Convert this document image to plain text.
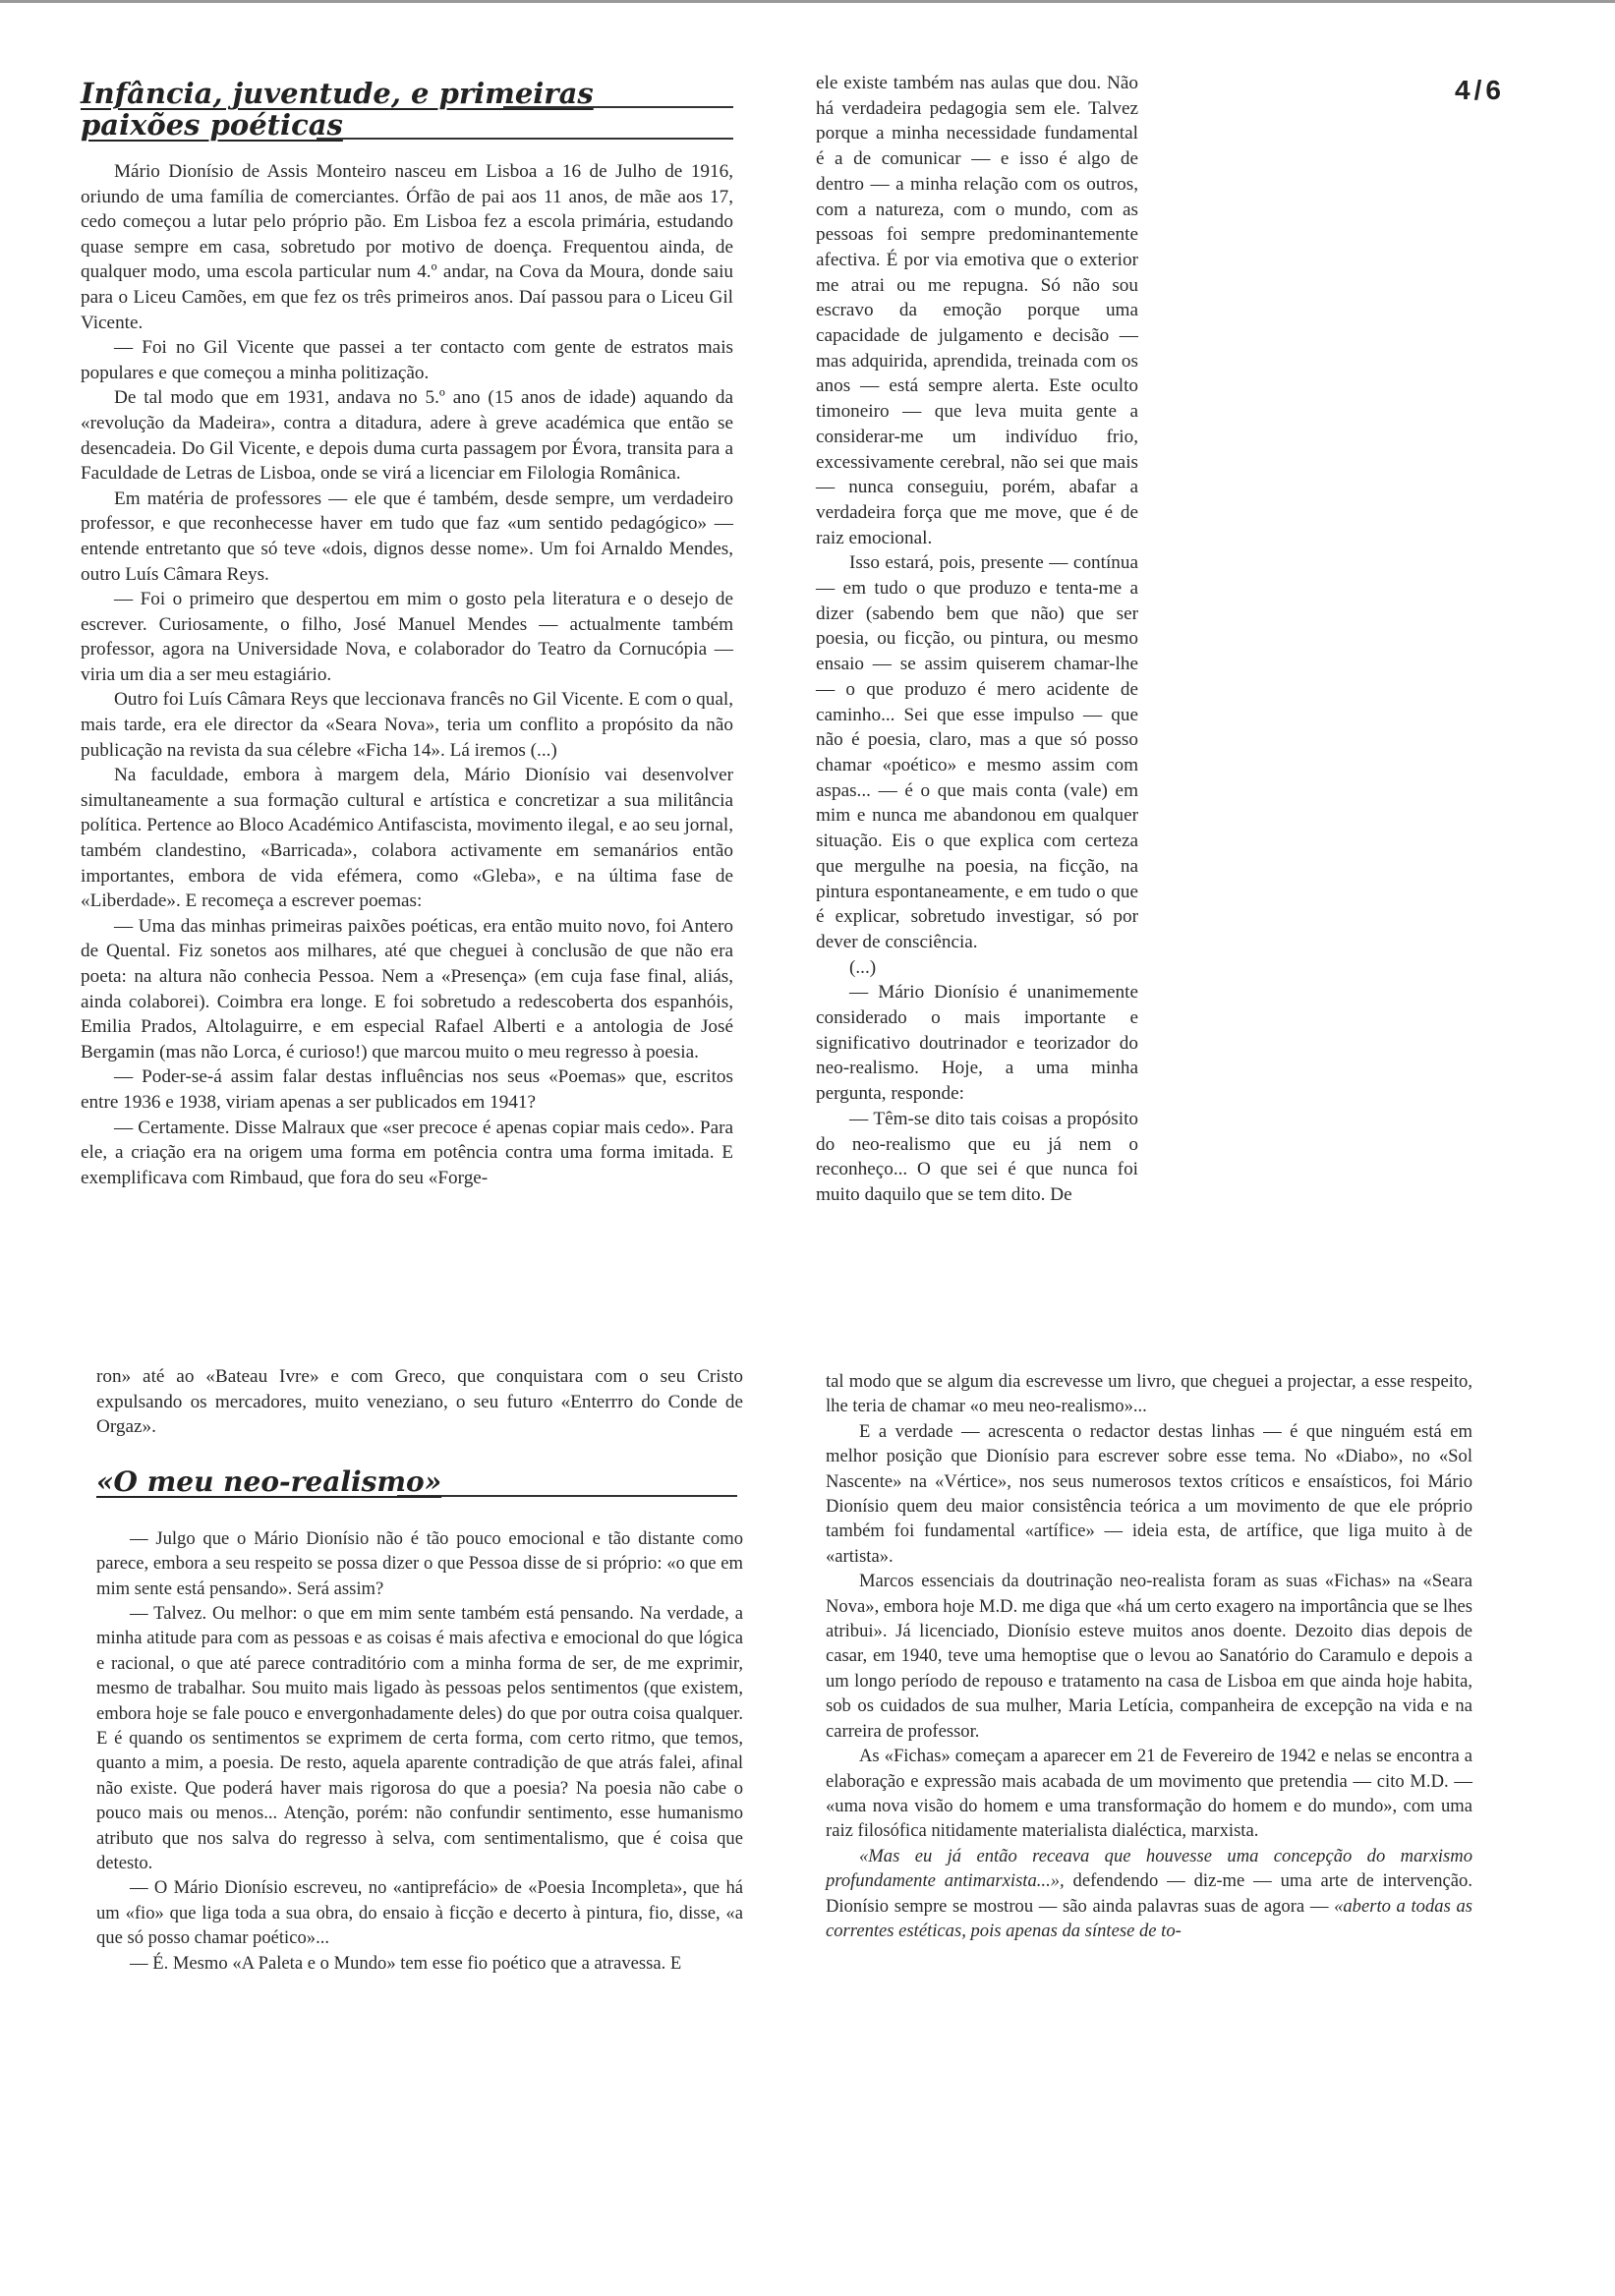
4/6
Infância, juventude, e primeiras
paixões poéticas

Mário Dionísio de Assis Monteiro nasceu em Lisboa a 16 de Julho de 1916, oriundo de uma família de comerciantes. Órfão de pai aos 11 anos, de mãe aos 17, cedo começou a lutar pelo próprio pão. Em Lisboa fez a escola primária, estudando quase sempre em casa, sobretudo por motivo de doença. Frequentou ainda, de qualquer modo, uma escola particular num 4.º andar, na Cova da Moura, donde saiu para o Liceu Camões, em que fez os três primeiros anos. Daí passou para o Liceu Gil Vicente.

— Foi no Gil Vicente que passei a ter contacto com gente de estratos mais populares e que começou a minha politização.

De tal modo que em 1931, andava no 5.º ano (15 anos de idade) aquando da «revolução da Madeira», contra a ditadura, adere à greve académica que então se desencadeia. Do Gil Vicente, e depois duma curta passagem por Évora, transita para a Faculdade de Letras de Lisboa, onde se virá a licenciar em Filologia Românica.

Em matéria de professores — ele que é também, desde sempre, um verdadeiro professor, e que reconhecesse haver em tudo que faz «um sentido pedagógico» — entende entretanto que só teve «dois, dignos desse nome». Um foi Arnaldo Mendes, outro Luís Câmara Reys.

— Foi o primeiro que despertou em mim o gosto pela literatura e o desejo de escrever. Curiosamente, o filho, José Manuel Mendes — actualmente também professor, agora na Universidade Nova, e colaborador do Teatro da Cornucópia — viria um dia a ser meu estagiário.

Outro foi Luís Câmara Reys que leccionava francês no Gil Vicente. E com o qual, mais tarde, era ele director da «Seara Nova», teria um conflito a propósito da não publicação na revista da sua célebre «Ficha 14». Lá iremos (...)

Na faculdade, embora à margem dela, Mário Dionísio vai desenvolver simultaneamente a sua formação cultural e artística e concretizar a sua militância política. Pertence ao Bloco Académico Antifascista, movimento ilegal, e ao seu jornal, também clandestino, «Barricada», colabora activamente em semanários então importantes, embora de vida efémera, como «Gleba», e na última fase de «Liberdade». E recomeça a escrever poemas:

— Uma das minhas primeiras paixões poéticas, era então muito novo, foi Antero de Quental. Fiz sonetos aos milhares, até que cheguei à conclusão de que não era poeta: na altura não conhecia Pessoa. Nem a «Presença» (em cuja fase final, aliás, ainda colaborei). Coimbra era longe. E foi sobretudo a redescoberta dos espanhóis, Emilia Prados, Altolaguirre, e em especial Rafael Alberti e a antologia de José Bergamin (mas não Lorca, é curioso!) que marcou muito o meu regresso à poesia.

— Poder-se-á assim falar destas influências nos seus «Poemas» que, escritos entre 1936 e 1938, viriam apenas a ser publicados em 1941?

— Certamente. Disse Malraux que «ser precoce é apenas copiar mais cedo». Para ele, a criação era na origem uma forma em potência contra uma forma imitada. E exemplificava com Rimbaud, que fora do seu «Forge-

ele existe também nas aulas que dou. Não há verdadeira pedagogia sem ele. Talvez porque a minha necessidade fundamental é a de comunicar — e isso é algo de dentro — a minha relação com os outros, com a natureza, com o mundo, com as pessoas foi sempre predominantemente afectiva. É por via emotiva que o exterior me atrai ou me repugna. Só não sou escravo da emoção porque uma capacidade de julgamento e decisão — mas adquirida, aprendida, treinada com os anos — está sempre alerta. Este oculto timoneiro — que leva muita gente a considerar-me um indivíduo frio, excessivamente cerebral, não sei que mais — nunca conseguiu, porém, abafar a verdadeira força que me move, que é de raiz emocional.

Isso estará, pois, presente — contínua — em tudo o que produzo e tenta-me a dizer (sabendo bem que não) que ser poesia, ou ficção, ou pintura, ou mesmo ensaio — se assim quiserem chamar-lhe — o que produzo é mero acidente de caminho... Sei que esse impulso — que não é poesia, claro, mas a que só posso chamar «poético» e mesmo assim com aspas... — é o que mais conta (vale) em mim e nunca me abandonou em qualquer situação. Eis o que explica com certeza que mergulhe na poesia, na ficção, na pintura espontaneamente, e em tudo o que é explicar, sobretudo investigar, só por dever de consciência.

(...)

— Mário Dionísio é unanimemente considerado o mais importante e significativo doutrinador e teorizador do neo-realismo. Hoje, a uma minha pergunta, responde:

— Têm-se dito tais coisas a propósito do neo-realismo que eu já nem o reconheço... O que sei é que nunca foi muito daquilo que se tem dito. De

ron» até ao «Bateau Ivre» e com Greco, que conquistara com o seu Cristo expulsando os mercadores, muito veneziano, o seu futuro «Enterrro do Conde de Orgaz».

«O meu neo-realismo»

— Julgo que o Mário Dionísio não é tão pouco emocional e tão distante como parece, embora a seu respeito se possa dizer o que Pessoa disse de si próprio: «o que em mim sente está pensando». Será assim?

— Talvez. Ou melhor: o que em mim sente também está pensando. Na verdade, a minha atitude para com as pessoas e as coisas é mais afectiva e emocional do que lógica e racional, o que até parece contraditório com a minha forma de ser, de me exprimir, mesmo de trabalhar. Sou muito mais ligado às pessoas pelos sentimentos (que existem, embora hoje se fale pouco e envergonhadamente deles) do que por outra coisa qualquer. E é quando os sentimentos se exprimem de certa forma, com certo ritmo, que temos, quanto a mim, a poesia. De resto, aquela aparente contradição de que atrás falei, afinal não existe. Que poderá haver mais rigorosa do que a poesia? Na poesia não cabe o pouco mais ou menos... Atenção, porém: não confundir sentimento, esse humanismo atributo que nos salva do regresso à selva, com sentimentalismo, que é coisa que detesto.

— O Mário Dionísio escreveu, no «antiprefácio» de «Poesia Incompleta», que há um «fio» que liga toda a sua obra, do ensaio à ficção e decerto à pintura, fio, disse, «a que só posso chamar poético»...

— É. Mesmo «A Paleta e o Mundo» tem esse fio poético que a atravessa. E

tal modo que se algum dia escrevesse um livro, que cheguei a projectar, a esse respeito, lhe teria de chamar «o meu neo-realismo»...

E a verdade — acrescenta o redactor destas linhas — é que ninguém está em melhor posição que Dionísio para escrever sobre esse tema. No «Diabo», no «Sol Nascente» na «Vértice», nos seus numerosos textos críticos e ensaísticos, foi Mário Dionísio quem deu maior consistência teórica a um movimento de que ele próprio também foi fundamental «artífice» — ideia esta, de artífice, que liga muito à de «artista».

Marcos essenciais da doutrinação neo-realista foram as suas «Fichas» na «Seara Nova», embora hoje M.D. me diga que «há um certo exagero na importância que se lhes atribui». Já licenciado, Dionísio esteve muitos anos doente. Dezoito dias depois de casar, em 1940, teve uma hemoptise que o levou ao Sanatório do Caramulo e depois a um longo período de repouso e tratamento na casa de Lisboa em que ainda hoje habita, sob os cuidados de sua mulher, Maria Letícia, companheira de excepção na vida e na carreira de professor.

As «Fichas» começam a aparecer em 21 de Fevereiro de 1942 e nelas se encontra a elaboração e expressão mais acabada de um movimento que pretendia — cito M.D. — «uma nova visão do homem e uma transformação do homem e do mundo», com uma raiz filosófica nitidamente materialista dialéctica, marxista.

«Mas eu já então receava que houvesse uma concepção do marxismo profundamente antimarxista...», defendendo — diz-me — uma arte de intervenção. Dionísio sempre se mostrou — são ainda palavras suas de agora — «aberto a todas as correntes estéticas, pois apenas da síntese de to-
